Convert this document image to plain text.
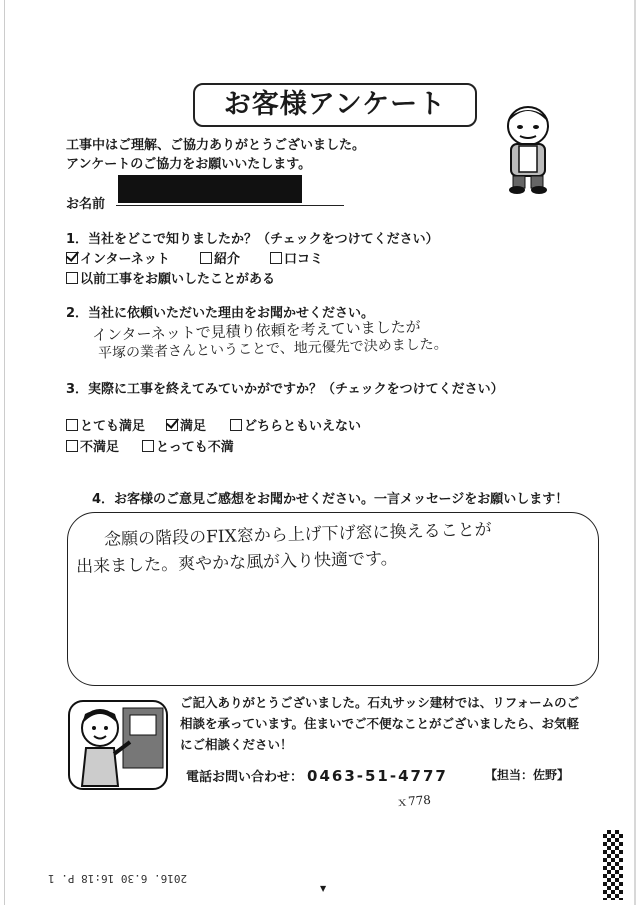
お客様アンケート
工事中はご理解、ご協力ありがとうございました。
アンケートのご協力をお願いいたします。
お名前
1．当社をどこで知りましたか？（チェックをつけてください）
インターネット	紹介	口コミ
以前工事をお願いしたことがある
2．当社に依頼いただいた理由をお聞かせください。
インターネットで見積り依頼を考えていましたが
平塚の業者さんということで、地元優先で決めました。
3．実際に工事を終えてみていかがですか？（チェックをつけてください）
とても満足	満足	どちらともいえない
不満足	とっても不満
4．お客様のご意見ご感想をお聞かせください。一言メッセージをお願いします！
念願の階段のFIX窓から上げ下げ窓に換えることが
出来ました。爽やかな風が入り快適です。
ご記入ありがとうございました。石丸サッシ建材では、リフォームのご
相談を承っています。住まいでご不便なことがございましたら、お気軽
にご相談ください！
電話お問い合わせ： 0463-51-4777	【担当：佐野】
ｘ778
2016. 6.30 16:18 P. 1
▼
